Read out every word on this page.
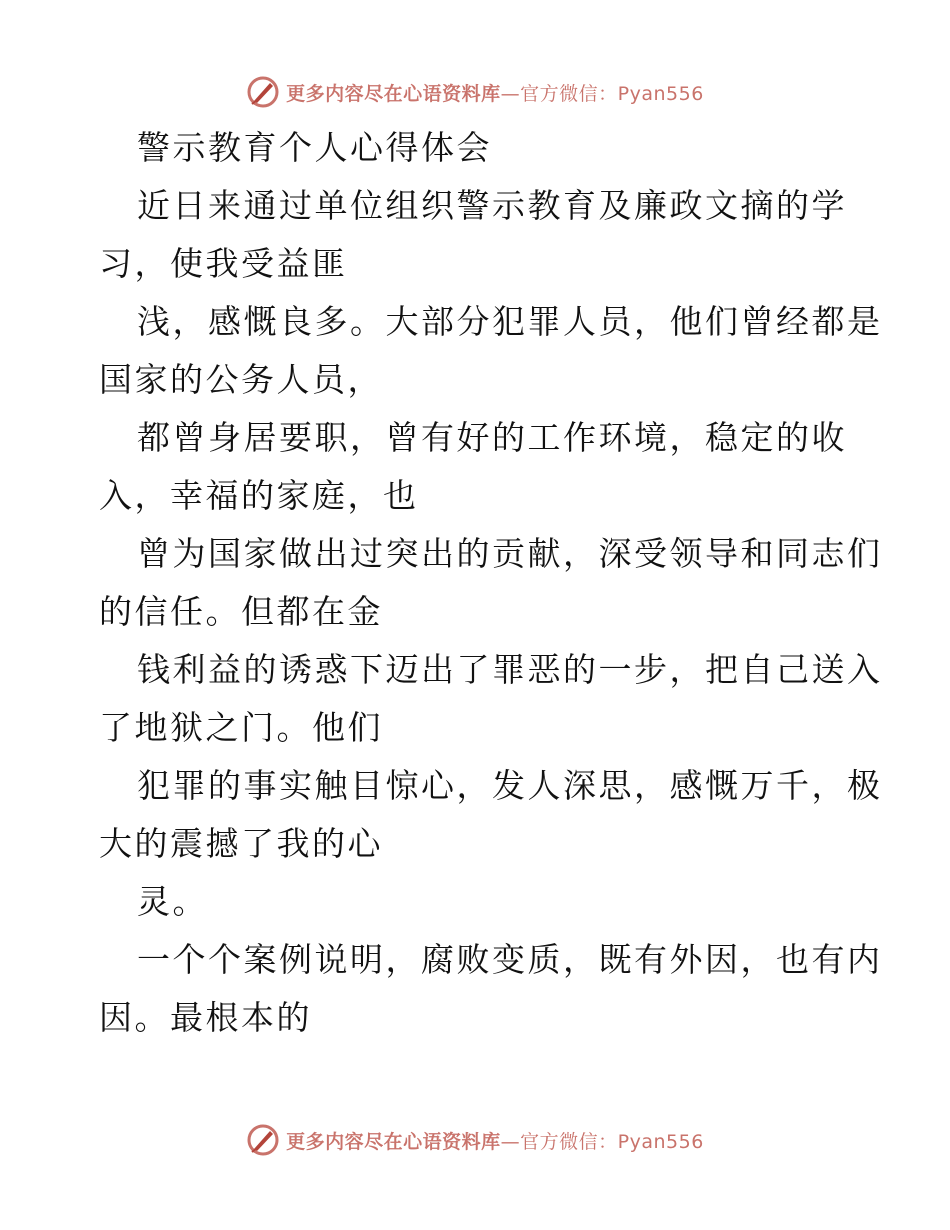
更多内容尽在心语资料库—官方微信：Pyan556
警示教育个人心得体会
近日来通过单位组织警示教育及廉政文摘的学
习，使我受益匪
浅，感慨良多。大部分犯罪人员，他们曾经都是
国家的公务人员，
都曾身居要职，曾有好的工作环境，稳定的收
入，幸福的家庭，也
曾为国家做出过突出的贡献，深受领导和同志们
的信任。但都在金
钱利益的诱惑下迈出了罪恶的一步，把自己送入
了地狱之门。他们
犯罪的事实触目惊心，发人深思，感慨万千，极
大的震撼了我的心
灵。
一个个案例说明，腐败变质，既有外因，也有内
因。最根本的
更多内容尽在心语资料库—官方微信：Pyan556
